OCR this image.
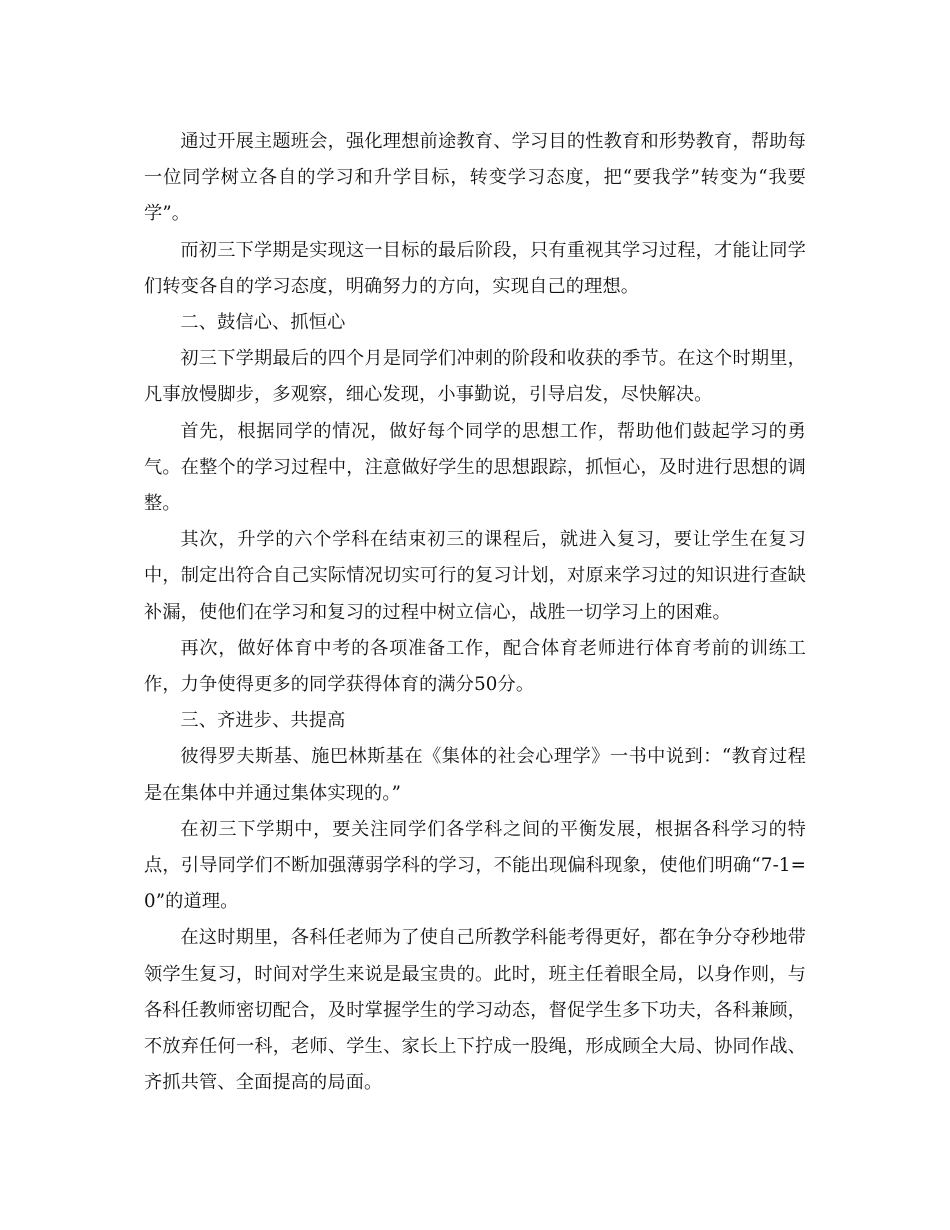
通过开展主题班会，强化理想前途教育、学习目的性教育和形势教育，帮助每一位同学树立各自的学习和升学目标，转变学习态度，把“要我学”转变为“我要学”。

而初三下学期是实现这一目标的最后阶段，只有重视其学习过程，才能让同学们转变各自的学习态度，明确努力的方向，实现自己的理想。

二、鼓信心、抓恒心

初三下学期最后的四个月是同学们冲刺的阶段和收获的季节。在这个时期里，凡事放慢脚步，多观察，细心发现，小事勤说，引导启发，尽快解决。

首先，根据同学的情况，做好每个同学的思想工作，帮助他们鼓起学习的勇气。在整个的学习过程中，注意做好学生的思想跟踪，抓恒心，及时进行思想的调整。

其次，升学的六个学科在结束初三的课程后，就进入复习，要让学生在复习中，制定出符合自己实际情况切实可行的复习计划，对原来学习过的知识进行查缺补漏，使他们在学习和复习的过程中树立信心，战胜一切学习上的困难。

再次，做好体育中考的各项准备工作，配合体育老师进行体育考前的训练工作，力争使得更多的同学获得体育的满分50分。

三、齐进步、共提高

彼得罗夫斯基、施巴林斯基在《集体的社会心理学》一书中说到：“教育过程是在集体中并通过集体实现的。”

在初三下学期中，要关注同学们各学科之间的平衡发展，根据各科学习的特点，引导同学们不断加强薄弱学科的学习，不能出现偏科现象，使他们明确“7-1=0”的道理。

在这时期里，各科任老师为了使自己所教学科能考得更好，都在争分夺秒地带领学生复习，时间对学生来说是最宝贵的。此时，班主任着眼全局，以身作则，与各科任教师密切配合，及时掌握学生的学习动态，督促学生多下功夫，各科兼顾，不放弃任何一科，老师、学生、家长上下拧成一股绳，形成顾全大局、协同作战、齐抓共管、全面提高的局面。
